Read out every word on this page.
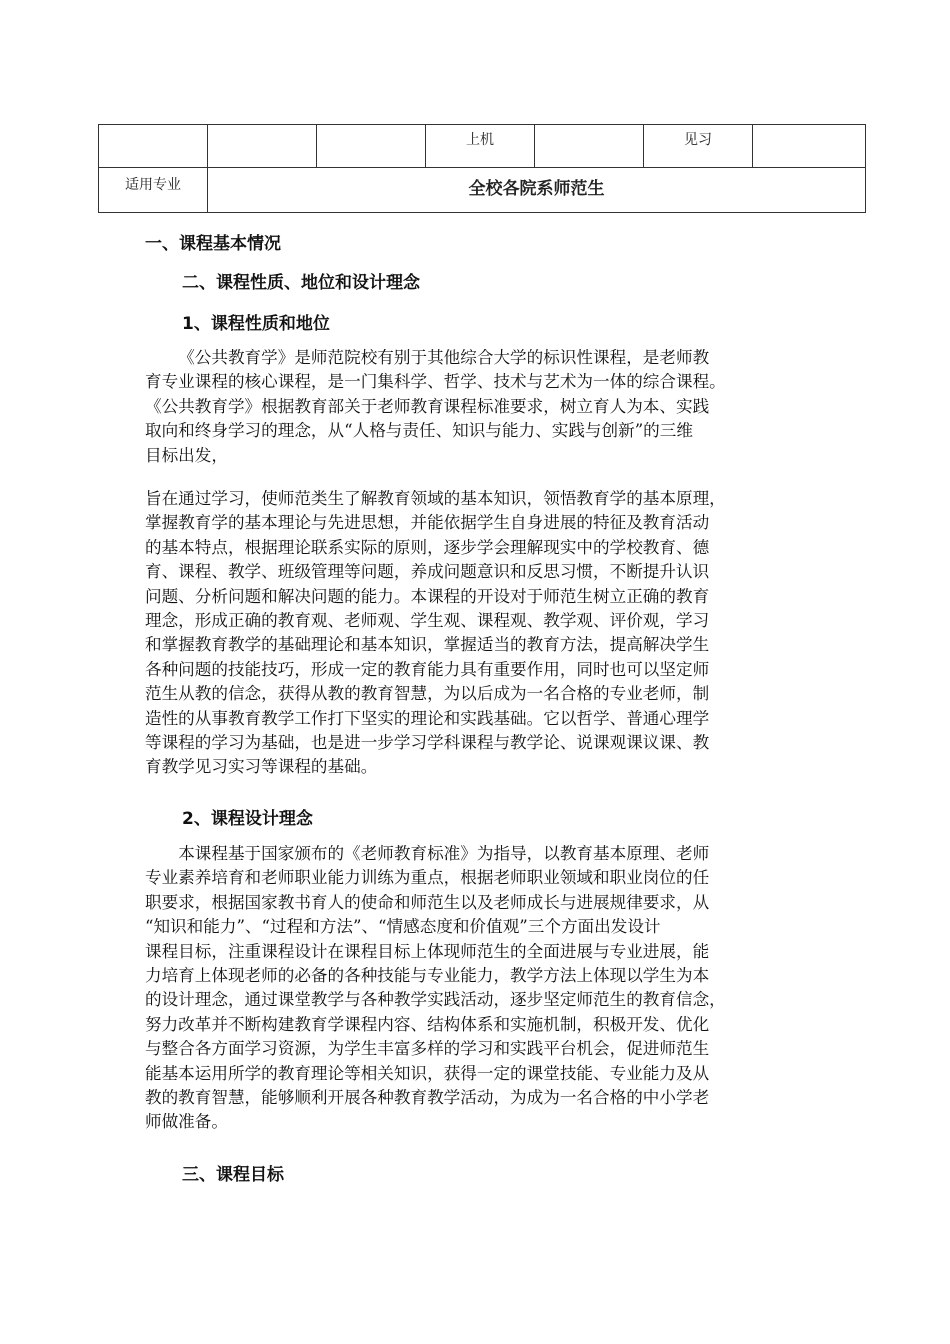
			上机		见习	
适用专业	全校各院系师范生					
一、课程基本情况
二、课程性质、地位和设计理念
1、课程性质和地位
《公共教育学》是师范院校有别于其他综合大学的标识性课程，是老师教
育专业课程的核心课程，是一门集科学、哲学、技术与艺术为一体的综合课程。
《公共教育学》根据教育部关于老师教育课程标准要求，树立育人为本、实践
取向和终身学习的理念，从“人格与责任、知识与能力、实践与创新”的三维
目标出发，
旨在通过学习，使师范类生了解教育领域的基本知识，领悟教育学的基本原理，
掌握教育学的基本理论与先进思想，并能依据学生自身进展的特征及教育活动
的基本特点，根据理论联系实际的原则，逐步学会理解现实中的学校教育、德
育、课程、教学、班级管理等问题，养成问题意识和反思习惯，不断提升认识
问题、分析问题和解决问题的能力。本课程的开设对于师范生树立正确的教育
理念，形成正确的教育观、老师观、学生观、课程观、教学观、评价观，学习
和掌握教育教学的基础理论和基本知识，掌握适当的教育方法，提高解决学生
各种问题的技能技巧，形成一定的教育能力具有重要作用，同时也可以坚定师
范生从教的信念，获得从教的教育智慧，为以后成为一名合格的专业老师，制
造性的从事教育教学工作打下坚实的理论和实践基础。它以哲学、普通心理学
等课程的学习为基础，也是进一步学习学科课程与教学论、说课观课议课、教
育教学见习实习等课程的基础。
2、课程设计理念
本课程基于国家颁布的《老师教育标准》为指导，以教育基本原理、老师
专业素养培育和老师职业能力训练为重点，根据老师职业领域和职业岗位的任
职要求，根据国家教书育人的使命和师范生以及老师成长与进展规律要求，从
“知识和能力”、“过程和方法”、“情感态度和价值观”三个方面出发设计
课程目标，注重课程设计在课程目标上体现师范生的全面进展与专业进展，能
力培育上体现老师的必备的各种技能与专业能力，教学方法上体现以学生为本
的设计理念，通过课堂教学与各种教学实践活动，逐步坚定师范生的教育信念，
努力改革并不断构建教育学课程内容、结构体系和实施机制，积极开发、优化
与整合各方面学习资源，为学生丰富多样的学习和实践平台机会，促进师范生
能基本运用所学的教育理论等相关知识，获得一定的课堂技能、专业能力及从
教的教育智慧，能够顺利开展各种教育教学活动，为成为一名合格的中小学老
师做准备。
三、课程目标
